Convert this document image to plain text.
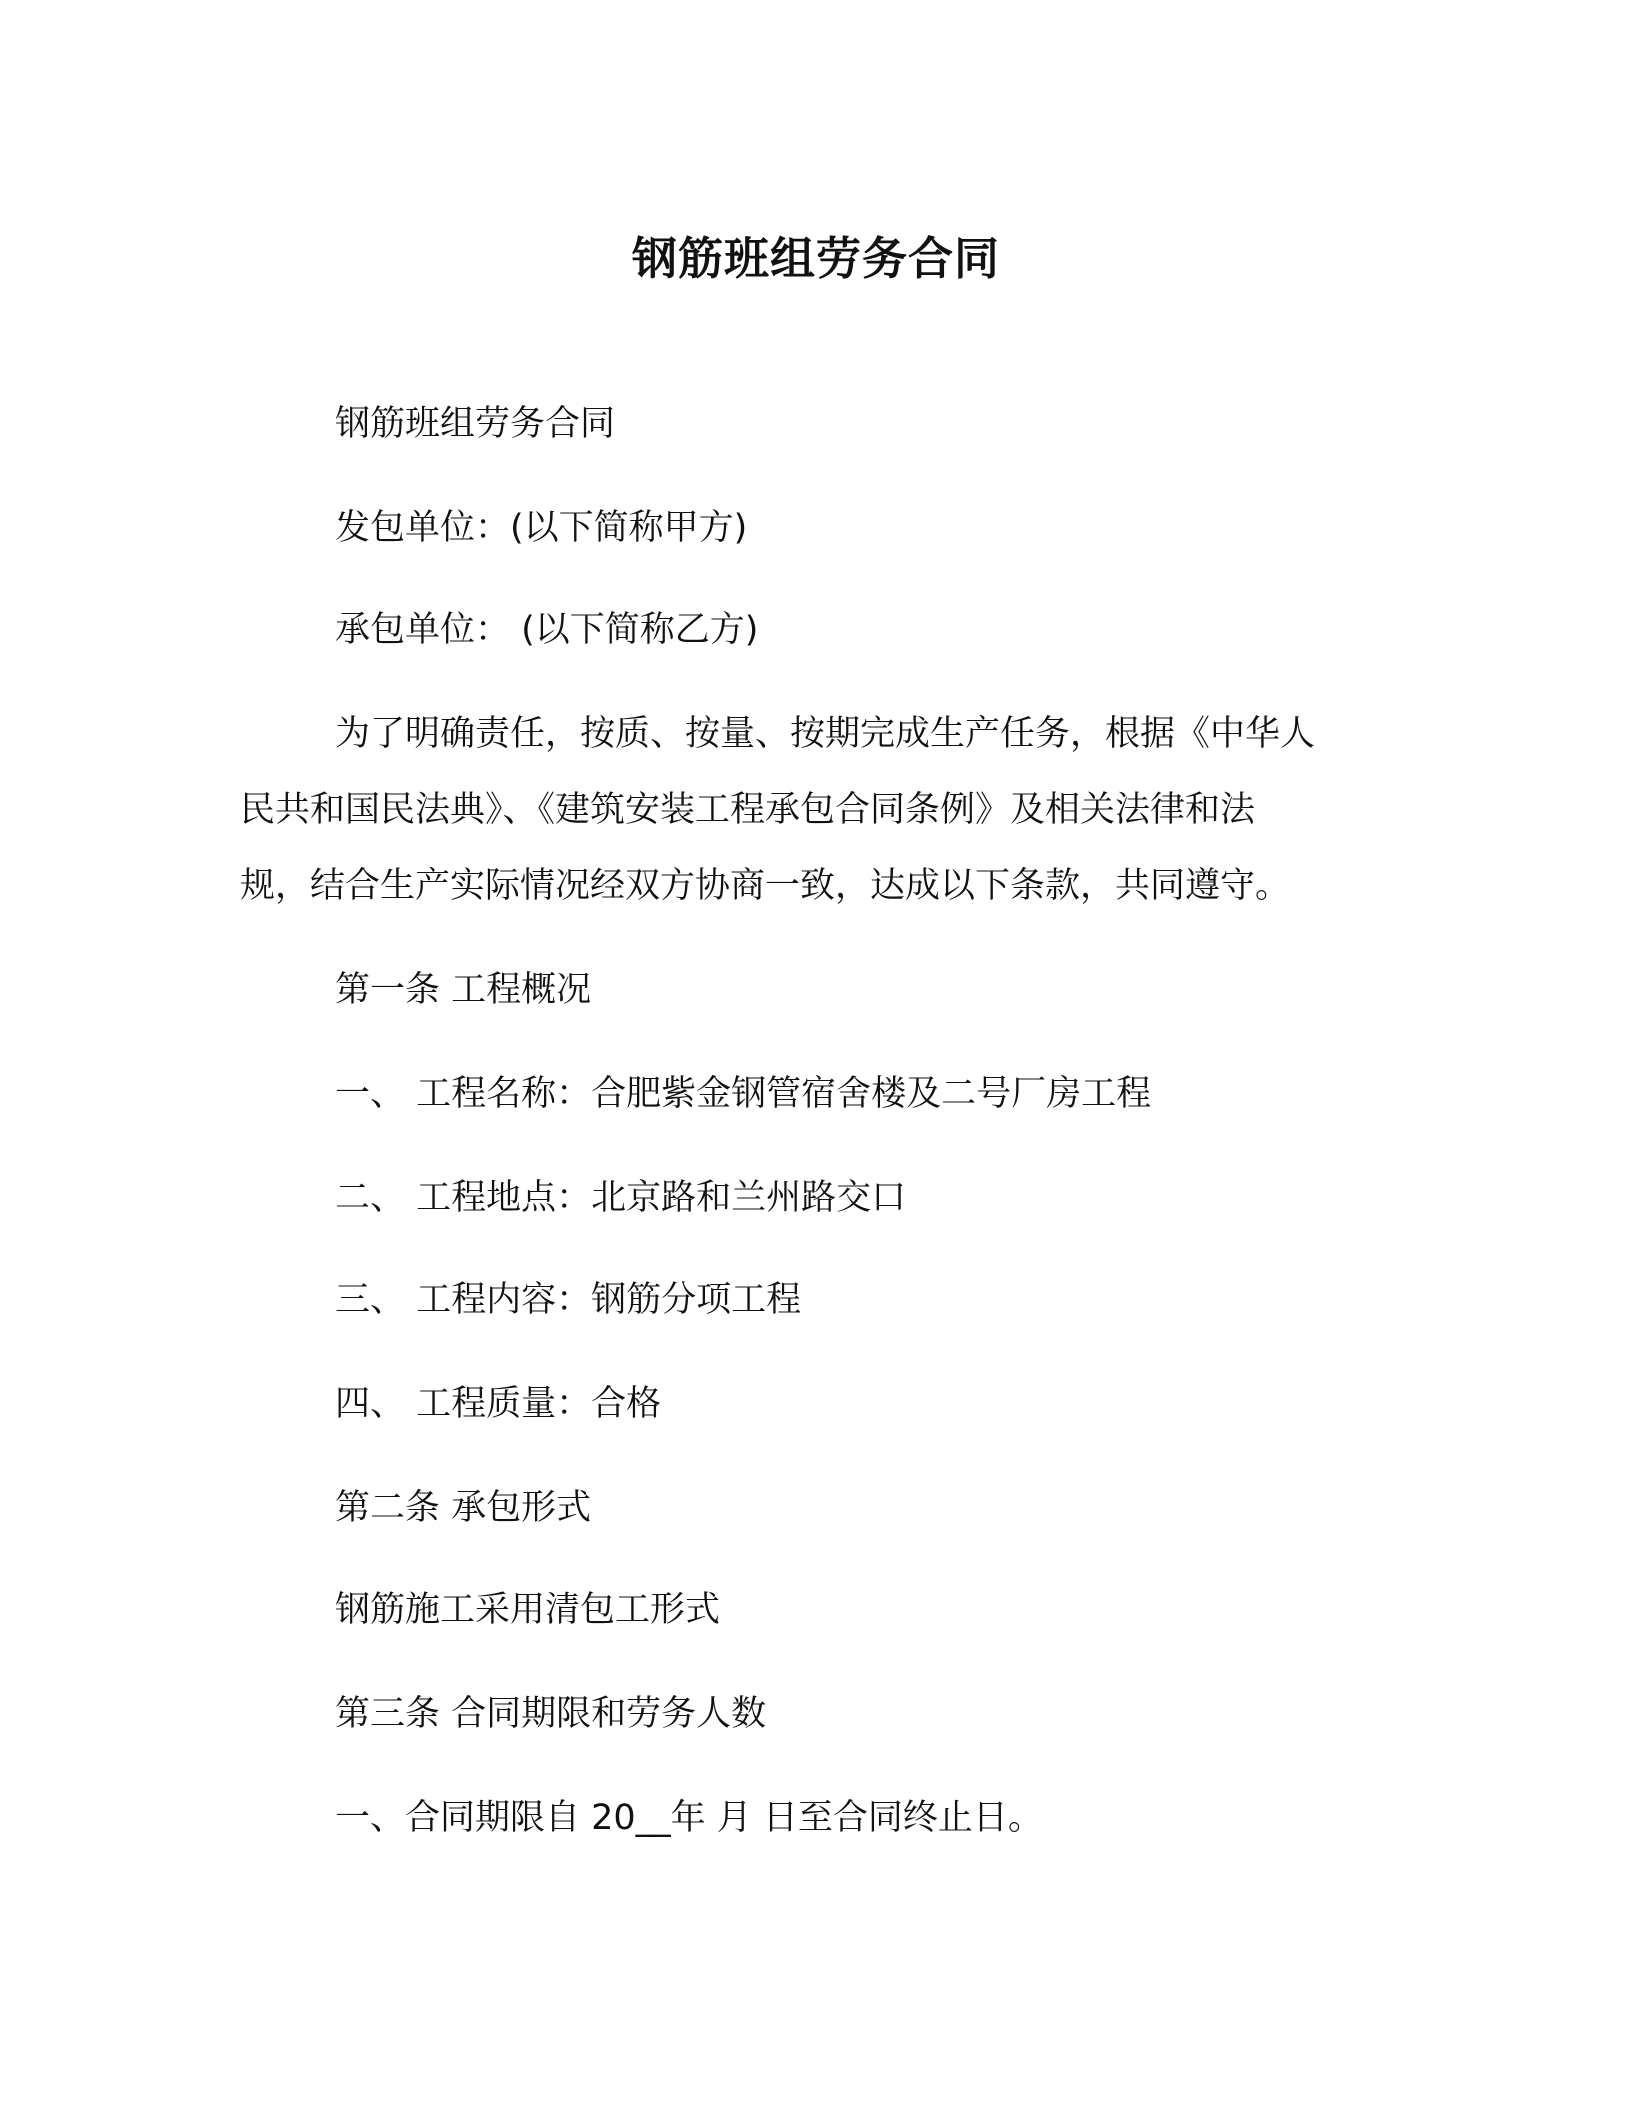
钢筋班组劳务合同

钢筋班组劳务合同

发包单位：(以下简称甲方)

承包单位： (以下简称乙方)

为了明确责任，按质、按量、按期完成生产任务，根据《中华人
民共和国民法典》、《建筑安装工程承包合同条例》及相关法律和法
规，结合生产实际情况经双方协商一致，达成以下条款，共同遵守。

第一条 工程概况

一、 工程名称：合肥紫金钢管宿舍楼及二号厂房工程

二、 工程地点：北京路和兰州路交口

三、 工程内容：钢筋分项工程

四、 工程质量：合格

第二条 承包形式

钢筋施工采用清包工形式

第三条 合同期限和劳务人数

一、合同期限自 20__年 月 日至合同终止日。
